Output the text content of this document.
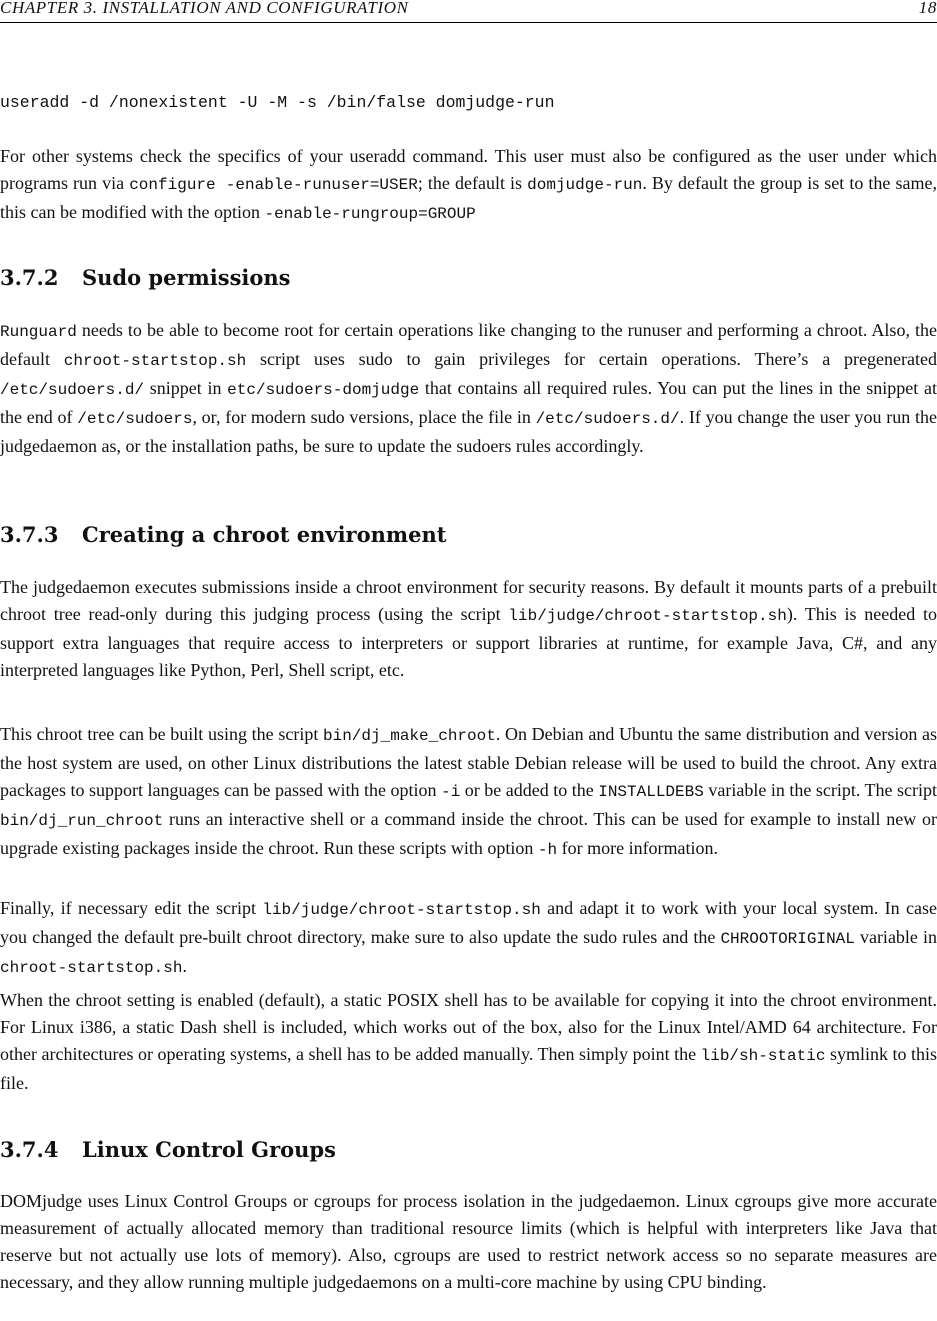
CHAPTER 3. INSTALLATION AND CONFIGURATION	18
useradd -d /nonexistent -U -M -s /bin/false domjudge-run

For other systems check the specifics of your useradd command. This user must also be configured as the user under which programs run via configure -enable-runuser=USER; the default is domjudge-run. By default the group is set to the same, this can be modified with the option -enable-rungroup=GROUP

3.7.2 Sudo permissions

Runguard needs to be able to become root for certain operations like changing to the runuser and performing a chroot. Also, the default chroot-startstop.sh script uses sudo to gain privileges for certain operations. There’s a pregenerated /etc/sudoers.d/ snippet in etc/sudoers-domjudge that contains all required rules. You can put the lines in the snippet at the end of /etc/sudoers, or, for modern sudo versions, place the file in /etc/sudoers.d/. If you change the user you run the judgedaemon as, or the installation paths, be sure to update the sudoers rules accordingly.

3.7.3 Creating a chroot environment

The judgedaemon executes submissions inside a chroot environment for security reasons. By default it mounts parts of a prebuilt chroot tree read-only during this judging process (using the script lib/judge/chroot-startstop.sh). This is needed to support extra languages that require access to interpreters or support libraries at runtime, for example Java, C#, and any interpreted languages like Python, Perl, Shell script, etc.

This chroot tree can be built using the script bin/dj_make_chroot. On Debian and Ubuntu the same distribution and version as the host system are used, on other Linux distributions the latest stable Debian release will be used to build the chroot. Any extra packages to support languages can be passed with the option -i or be added to the INSTALLDEBS variable in the script. The script bin/dj_run_chroot runs an interactive shell or a command inside the chroot. This can be used for example to install new or upgrade existing packages inside the chroot. Run these scripts with option -h for more information.

Finally, if necessary edit the script lib/judge/chroot-startstop.sh and adapt it to work with your local system. In case you changed the default pre-built chroot directory, make sure to also update the sudo rules and the CHROOTORIGINAL variable in chroot-startstop.sh.

When the chroot setting is enabled (default), a static POSIX shell has to be available for copying it into the chroot environment. For Linux i386, a static Dash shell is included, which works out of the box, also for the Linux Intel/AMD 64 architecture. For other architectures or operating systems, a shell has to be added manually. Then simply point the lib/sh-static symlink to this file.

3.7.4 Linux Control Groups

DOMjudge uses Linux Control Groups or cgroups for process isolation in the judgedaemon. Linux cgroups give more accurate measurement of actually allocated memory than traditional resource limits (which is helpful with interpreters like Java that reserve but not actually use lots of memory). Also, cgroups are used to restrict network access so no separate measures are necessary, and they allow running multiple judgedaemons on a multi-core machine by using CPU binding.
